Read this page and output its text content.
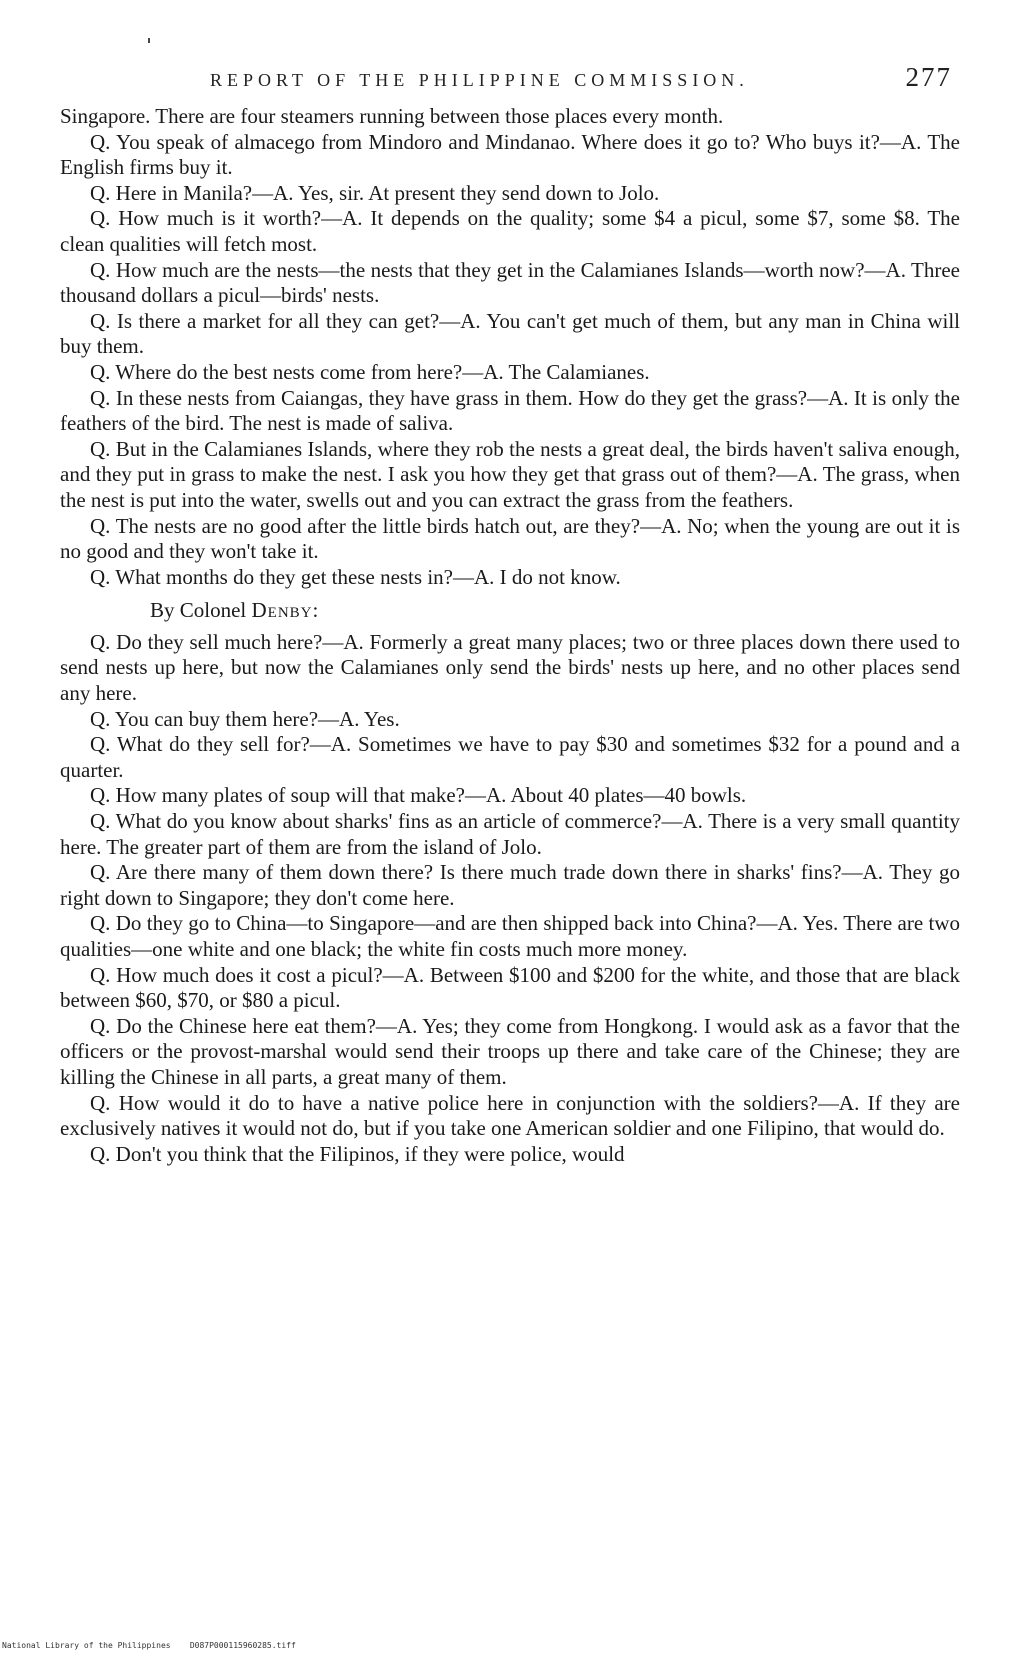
REPORT OF THE PHILIPPINE COMMISSION.	277

Singapore. There are four steamers running between those places every month.

Q. You speak of almacego from Mindoro and Mindanao. Where does it go to? Who buys it?—A. The English firms buy it.

Q. Here in Manila?—A. Yes, sir. At present they send down to Jolo.

Q. How much is it worth?—A. It depends on the quality; some $4 a picul, some $7, some $8. The clean qualities will fetch most.

Q. How much are the nests—the nests that they get in the Calamianes Islands—worth now?—A. Three thousand dollars a picul—birds' nests.

Q. Is there a market for all they can get?—A. You can't get much of them, but any man in China will buy them.

Q. Where do the best nests come from here?—A. The Calamianes.

Q. In these nests from Caiangas, they have grass in them. How do they get the grass?—A. It is only the feathers of the bird. The nest is made of saliva.

Q. But in the Calamianes Islands, where they rob the nests a great deal, the birds haven't saliva enough, and they put in grass to make the nest. I ask you how they get that grass out of them?—A. The grass, when the nest is put into the water, swells out and you can extract the grass from the feathers.

Q. The nests are no good after the little birds hatch out, are they?—A. No; when the young are out it is no good and they won't take it.

Q. What months do they get these nests in?—A. I do not know.

By Colonel Denby:

Q. Do they sell much here?—A. Formerly a great many places; two or three places down there used to send nests up here, but now the Calamianes only send the birds' nests up here, and no other places send any here.

Q. You can buy them here?—A. Yes.

Q. What do they sell for?—A. Sometimes we have to pay $30 and sometimes $32 for a pound and a quarter.

Q. How many plates of soup will that make?—A. About 40 plates—40 bowls.

Q. What do you know about sharks' fins as an article of commerce?—A. There is a very small quantity here. The greater part of them are from the island of Jolo.

Q. Are there many of them down there? Is there much trade down there in sharks' fins?—A. They go right down to Singapore; they don't come here.

Q. Do they go to China—to Singapore—and are then shipped back into China?—A. Yes. There are two qualities—one white and one black; the white fin costs much more money.

Q. How much does it cost a picul?—A. Between $100 and $200 for the white, and those that are black between $60, $70, or $80 a picul.

Q. Do the Chinese here eat them?—A. Yes; they come from Hongkong. I would ask as a favor that the officers or the provost-marshal would send their troops up there and take care of the Chinese; they are killing the Chinese in all parts, a great many of them.

Q. How would it do to have a native police here in conjunction with the soldiers?—A. If they are exclusively natives it would not do, but if you take one American soldier and one Filipino, that would do.

Q. Don't you think that the Filipinos, if they were police, would

National Library of the Philippines D087P000115960285.tiff
